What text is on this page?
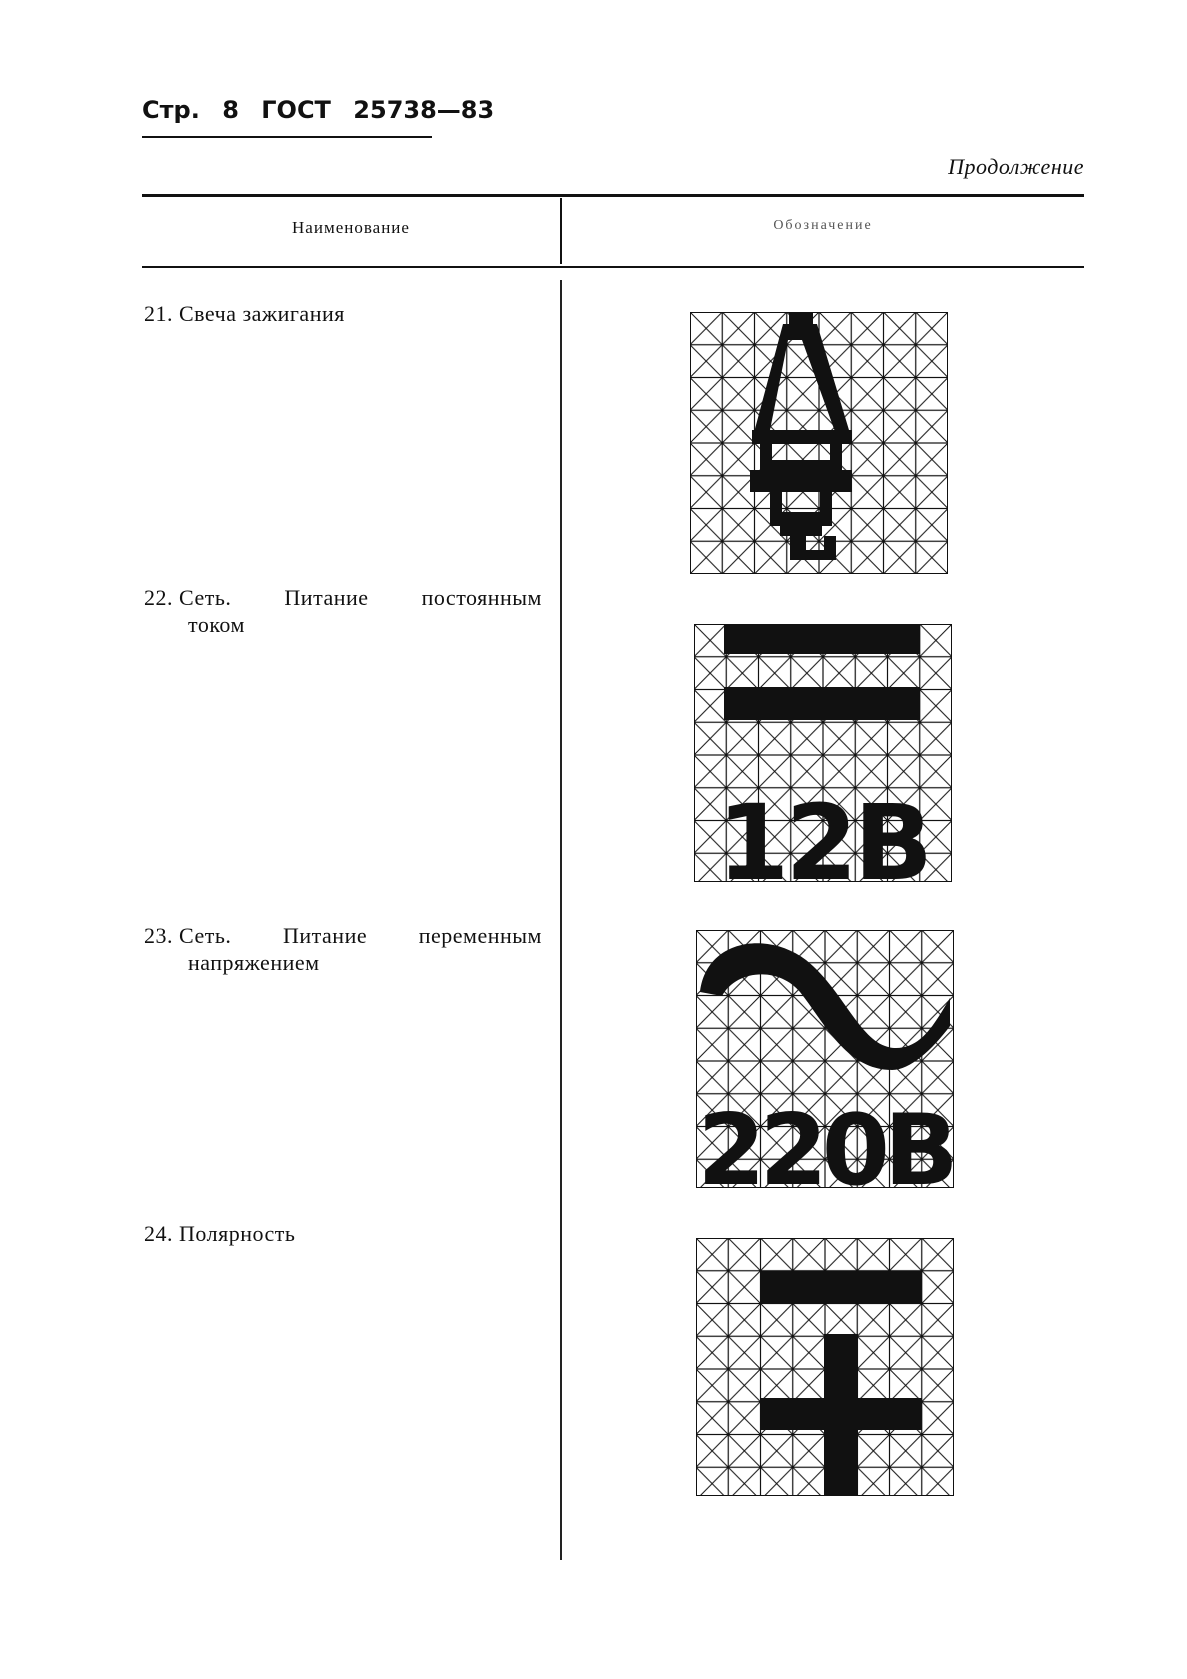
Стр. 8 ГОСТ 25738—83
Продолжение
Наименование	Обозначение
21. Свеча зажигания
22. Сеть. Питание постоянным
током
12В
23. Сеть. Питание переменным
напряжением
220В
24. Полярность
